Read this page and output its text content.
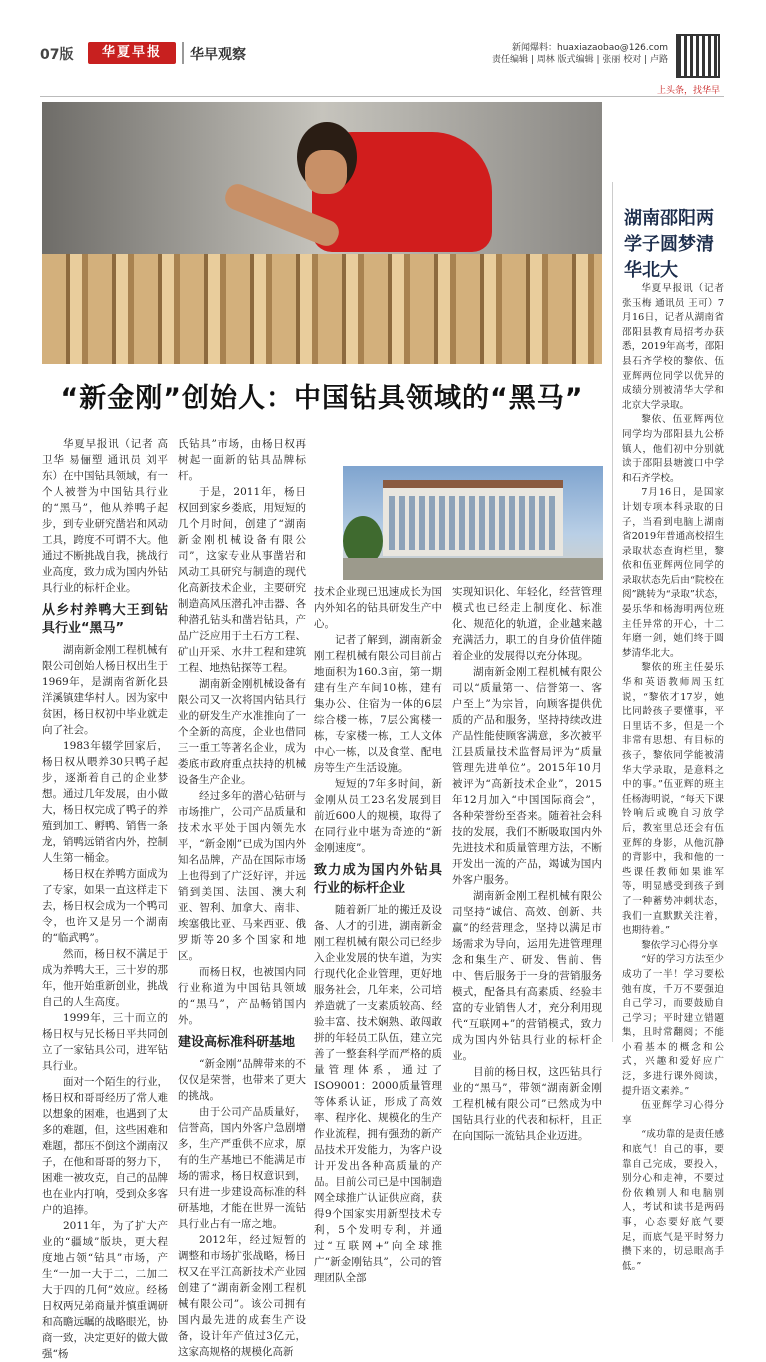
07版	华夏早报	华早观察	新闻爆料：huaxiazaobao@126.com
责任编辑 | 周林 版式编辑 | 张丽 校对 | 卢路
上头条，找华早
“新金刚”创始人：中国钻具领域的“黑马”
湖南邵阳两学子圆梦清华北大

华夏早报讯（记者 高卫华 易俪塑 通讯员 刘平东）在中国钻具领域，有一个人被誉为中国钻具行业的“黑马”，他从养鸭子起步，到专业研究凿岩和风动工具，跨度不可谓不大。他通过不断挑战自我，挑战行业高度，致力成为国内外钻具行业的标杆企业。

从乡村养鸭大王到钻具行业“黑马”

湖南新金刚工程机械有限公司创始人杨日权出生于1969年，是湖南省新化县洋溪镇建华村人。因为家中贫困，杨日权初中毕业就走向了社会。

1983年辍学回家后，杨日权从喂养30只鸭子起步，逐渐着自己的企业梦想。通过几年发展，由小做大，杨日权完成了鸭子的养殖到加工、孵鸭、销售一条龙，销鸭远销省内外，控制人生第一桶金。

杨日权在养鸭方面成为了专家，如果一直这样走下去，杨日权会成为一个鸭司令，也许又是另一个湖南的“临武鸭”。

然而，杨日权不满足于成为养鸭大王，三十岁的那年，他开始重新创业，挑战自己的人生高度。

1999年，三十而立的杨日权与兄长杨日平共同创立了一家钻具公司，进军钻具行业。

面对一个陌生的行业，杨日权和哥哥经历了常人难以想象的困难，也遇到了太多的难题，但，这些困难和难题，都压不倒这个湖南汉子，在他和哥哥的努力下，困难一被攻克，自己的品牌也在业内打响，受到众多客户的追捧。

2011年，为了扩大产业的“疆域”版块，更大程度地占领“钻具”市场，产生“一加一大于二，二加二大于四的几何”效应。经杨日权两兄弟商量并慎重调研和高瞻远瞩的战略眼光，协商一致，决定更好的做大做强“杨

氏钻具”市场，由杨日权再树起一面新的钻具品牌标杆。

于是，2011年，杨日权回到家乡娄底，用短短的几个月时间，创建了“湖南新金刚机械设备有限公司”，这家专业从事凿岩和风动工具研究与制造的现代化高新技术企业，主要研究制造高风压潜孔冲击器、各种潜孔钻头和凿岩钻具，产品广泛应用于土石方工程、矿山开采、水井工程和建筑工程、地热钻探等工程。

湖南新金刚机械设备有限公司又一次将国内钻具行业的研发生产水准推向了一个全新的高度，企业也借同三一重工等著名企业，成为娄底市政府重点扶持的机械设备生产企业。

经过多年的潜心钻研与市场推广，公司产品质量和技术水平处于国内领先水平，“新金刚”已成为国内外知名品牌，产品在国际市场上也得到了广泛好评，并远销到美国、法国、澳大利亚、智利、加拿大、南非、埃塞俄比亚、马来西亚、俄罗斯等20多个国家和地区。

而杨日权，也被国内同行业称道为中国钻具领域的“黑马”，产品畅销国内外。

建设高标准科研基地

“新金刚”品牌带来的不仅仅是荣誉，也带来了更大的挑战。

由于公司产品质量好，信誉高，国内外客户急剧增多，生产严重供不应求，原有的生产基地已不能满足市场的需求，杨日权意识到，只有进一步建设高标准的科研基地，才能在世界一流钻具行业占有一席之地。

2012年，经过短暂的调整和市场扩张战略，杨日权又在平江高新技术产业园创建了“湖南新金刚工程机械有限公司”。该公司拥有国内最先进的成套生产设备，设计年产值过3亿元，这家高规格的规模化高新

技术企业现已迅速成长为国内外知名的钻具研发生产中心。

记者了解到，湖南新金刚工程机械有限公司目前占地面积为160.3亩，第一期建有生产车间10栋，建有集办公、住宿为一体的6层综合楼一栋，7层公寓楼一栋，专家楼一栋，工人文体中心一栋，以及食堂、配电房等生产生活设施。

短短的7年多时间，新金刚从员工23名发展到目前近600人的规模，取得了在同行业中堪为奇迹的“新金刚速度”。

致力成为国内外钻具行业的标杆企业

随着新厂址的搬迁及设备、人才的引进，湖南新金刚工程机械有限公司已经步入企业发展的快车道，为实行现代化企业管理，更好地服务社会，几年来，公司培养造就了一支素质较高、经验丰富、技术娴熟、敢闯敢拼的年轻员工队伍，建立完善了一整套科学而严格的质量管理体系，通过了ISO9001：2000质量管理等体系认证，形成了高效率、程序化、规模化的生产作业流程，拥有强劲的新产品技术开发能力，为客户设计开发出各种高质量的产品。目前公司已是中国制造网全球推广认证供应商，获得9个国家实用新型技术专利，5个发明专利，并通过“互联网+”向全球推广“新金刚钻具”，公司的管理团队全部

实现知识化、年轻化，经营管理模式也已经走上制度化、标准化、规范化的轨道，企业越来越充满活力，职工的自身价值伴随着企业的发展得以充分体现。

湖南新金刚工程机械有限公司以“质量第一、信誉第一、客户至上”为宗旨，向顾客提供优质的产品和服务，坚持持续改进产品性能使顾客满意，多次被平江县质量技术监督局评为“质量管理先进单位”。2015年10月被评为“高新技术企业”，2015年12月加入“中国国际商会”，各种荣誉纷至沓来。随着社会科技的发展，我们不断吸取国内外先进技术和质量管理方法，不断开发出一流的产品，竭诚为国内外客户服务。

湖南新金刚工程机械有限公司坚持“诚信、高效、创新、共赢”的经营理念，坚持以满足市场需求为导向，运用先进管理理念和集生产、研发、售前、售中、售后服务于一身的营销服务模式，配备具有高素质、经验丰富的专业销售人才，充分利用现代“互联网+”的营销模式，致力成为国内外钻具行业的标杆企业。

目前的杨日权，这匹钻具行业的“黑马”，带领“湖南新金刚工程机械有限公司”已然成为中国钻具行业的代表和标杆，且正在向国际一流钻具企业迈进。

华夏早报讯（记者 张玉梅 通讯员 王可）7月16日，记者从湖南省邵阳县教育局招考办获悉，2019年高考，邵阳县石齐学校的黎依、伍亚辉两位同学以优异的成绩分别被清华大学和北京大学录取。

黎依、伍亚辉两位同学均为邵阳县九公桥镇人，他们初中分别就读于邵阳县塘渡口中学和石齐学校。

7月16日，是国家计划专项本科录取的日子，当看到电脑上湖南省2019年普通高校招生录取状态查询栏里，黎依和伍亚辉两位同学的录取状态先后由“院校在阅”跳转为“录取”状态，晏乐华和杨海明两位班主任异常的开心，十二年磨一剑，她们终于圆梦清华北大。

黎依的班主任晏乐华和英语教师周玉红说，“黎依才17岁，她比同龄孩子要懂事，平日里话不多，但是一个非常有思想、有目标的孩子，黎依同学能被清华大学录取，是意料之中的事。”伍亚辉的班主任杨海明说，“每天下课铃响后或晚自习放学后，教室里总还会有伍亚辉的身影，从他沉静的背影中，我和他的一些课任教师如果谁军等，明显感受到孩子到了一种蓄势冲刺状态，我们一直默默关注着，也期待着。”

黎依学习心得分享

“好的学习方法至少成功了一半！学习要松弛有度，千万不要强迫自己学习，而要鼓励自己学习；平时建立错题集，且时常翻阅；不能小看基本的概念和公式，兴趣和爱好应广泛，多进行课外阅读，提升语文素养。”

伍亚辉学习心得分享

“成功靠的是责任感和底气！自己的事，要靠自己完成，要投入，别分心和走神，不要过份依赖别人和电脑别人，考试和读书是两码事，心态要好底气要足，而底气是平时努力攒下来的，切忌眼高手低。”
